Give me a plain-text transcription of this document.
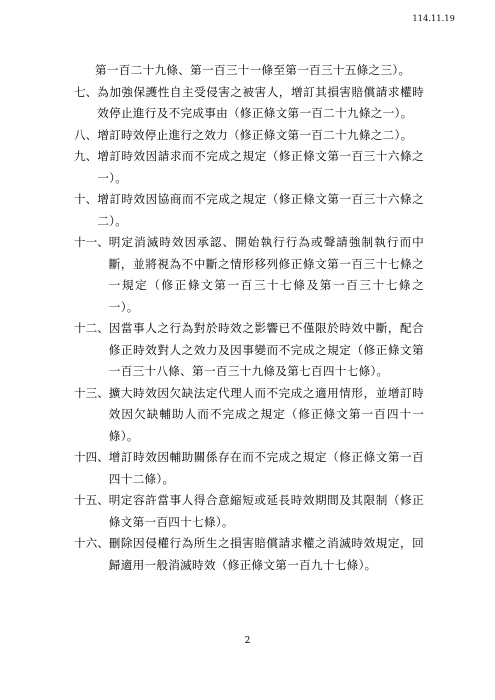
114.11.19
第一百二十九條、第一百三十一條至第一百三十五條之三）。
七、 為加強保護性自主受侵害之被害人，增訂其損害賠償請求權時效停止進行及不完成事由（修正條文第一百二十九條之一）。
八、 增訂時效停止進行之效力（修正條文第一百二十九條之二）。
九、 增訂時效因請求而不完成之規定（修正條文第一百三十六條之一）。
十、 增訂時效因協商而不完成之規定（修正條文第一百三十六條之二）。
十一、 明定消滅時效因承認、開始執行行為或聲請強制執行而中斷，並將視為不中斷之情形移列修正條文第一百三十七條之一規定（修正條文第一百三十七條及第一百三十七條之一）。
十二、 因當事人之行為對於時效之影響已不僅限於時效中斷，配合修正時效對人之效力及因事變而不完成之規定（修正條文第一百三十八條、第一百三十九條及第七百四十七條）。
十三、 擴大時效因欠缺法定代理人而不完成之適用情形，並增訂時效因欠缺輔助人而不完成之規定（修正條文第一百四十一條）。
十四、 增訂時效因輔助關係存在而不完成之規定（修正條文第一百四十二條）。
十五、 明定容許當事人得合意縮短或延長時效期間及其限制（修正條文第一百四十七條）。
十六、 刪除因侵權行為所生之損害賠償請求權之消滅時效規定，回歸適用一般消滅時效（修正條文第一百九十七條）。
2
